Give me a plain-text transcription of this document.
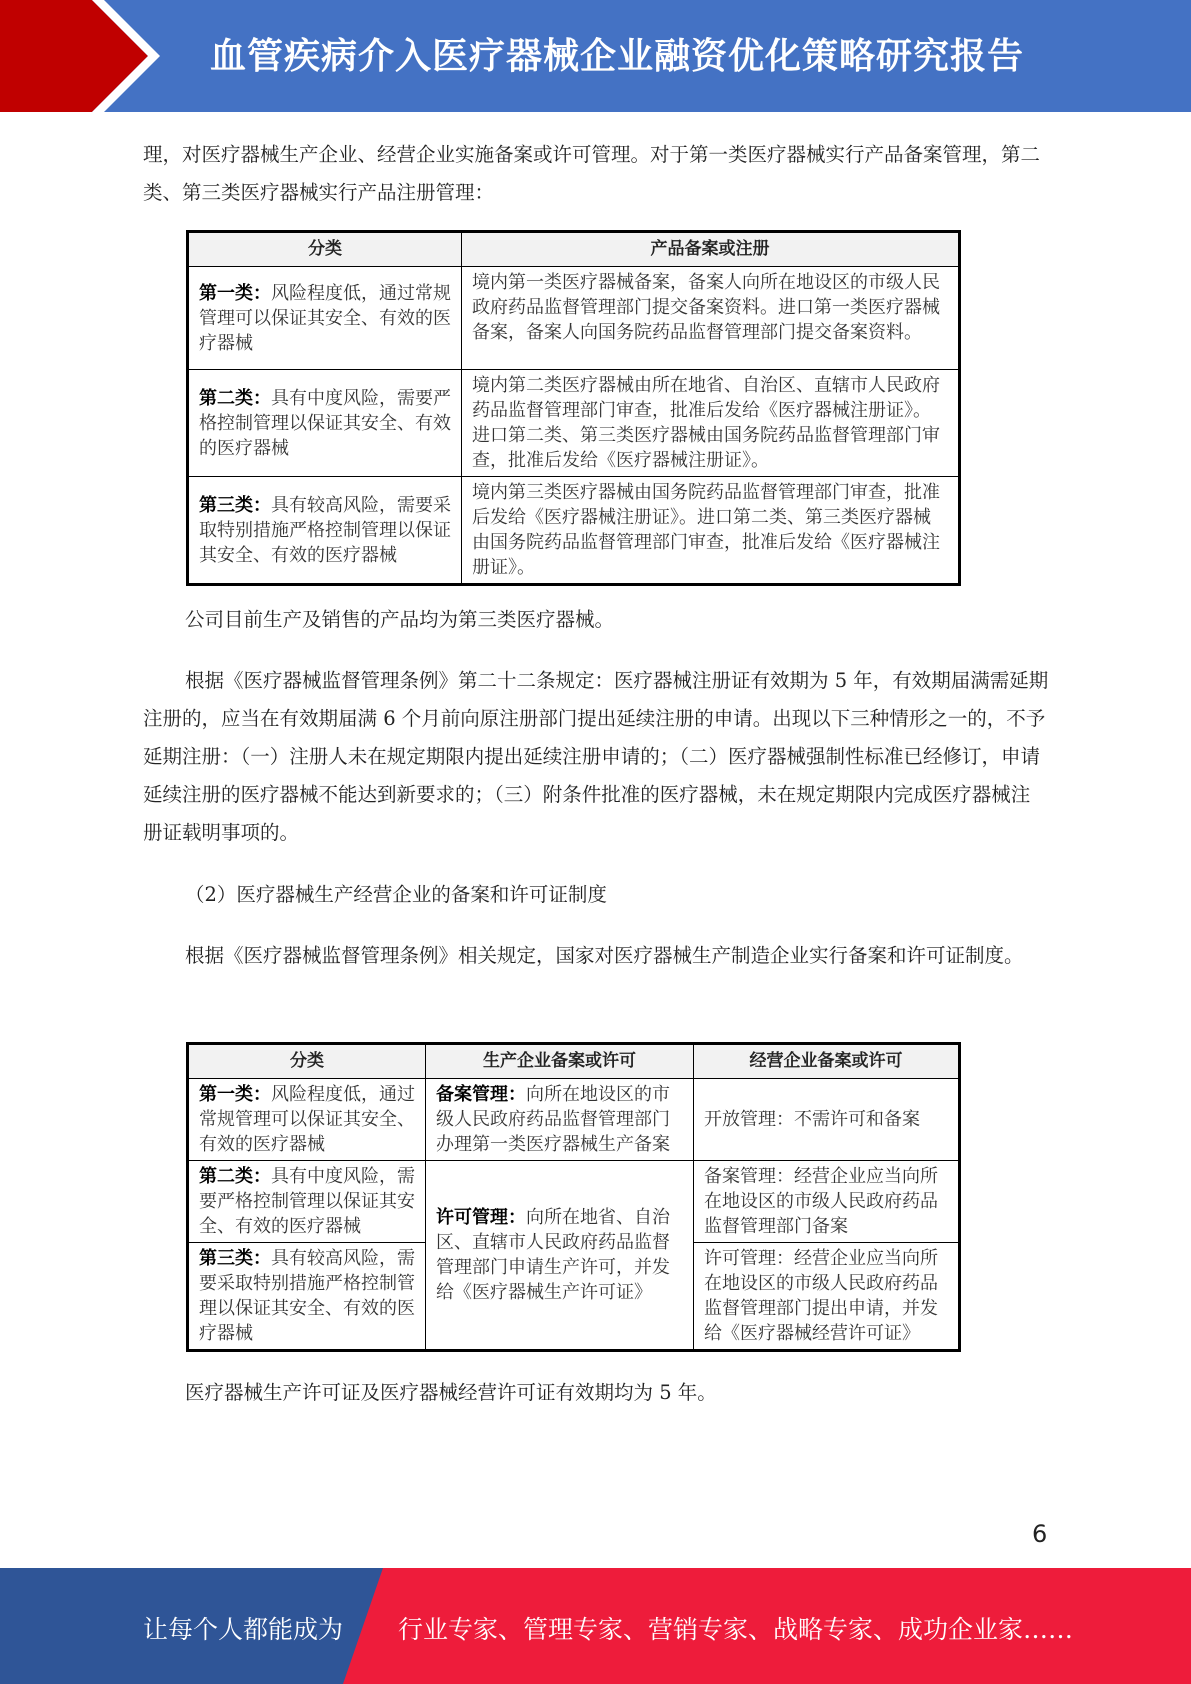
血管疾病介入医疗器械企业融资优化策略研究报告

理，对医疗器械生产企业、经营企业实施备案或许可管理。对于第一类医疗器械实行产品备案管理，第二类、第三类医疗器械实行产品注册管理：

分类	产品备案或注册
第一类：风险程度低，通过常规管理可以保证其安全、有效的医疗器械	境内第一类医疗器械备案，备案人向所在地设区的市级人民政府药品监督管理部门提交备案资料。进口第一类医疗器械备案，备案人向国务院药品监督管理部门提交备案资料。
第二类：具有中度风险，需要严格控制管理以保证其安全、有效的医疗器械	境内第二类医疗器械由所在地省、自治区、直辖市人民政府药品监督管理部门审查，批准后发给《医疗器械注册证》。进口第二类、第三类医疗器械由国务院药品监督管理部门审查，批准后发给《医疗器械注册证》。
第三类：具有较高风险，需要采取特别措施严格控制管理以保证其安全、有效的医疗器械	境内第三类医疗器械由国务院药品监督管理部门审查，批准后发给《医疗器械注册证》。进口第二类、第三类医疗器械由国务院药品监督管理部门审查，批准后发给《医疗器械注册证》。

公司目前生产及销售的产品均为第三类医疗器械。

根据《医疗器械监督管理条例》第二十二条规定：医疗器械注册证有效期为 5 年，有效期届满需延期注册的，应当在有效期届满 6 个月前向原注册部门提出延续注册的申请。出现以下三种情形之一的，不予延期注册：（一）注册人未在规定期限内提出延续注册申请的；（二）医疗器械强制性标准已经修订，申请延续注册的医疗器械不能达到新要求的；（三）附条件批准的医疗器械，未在规定期限内完成医疗器械注册证载明事项的。

（2）医疗器械生产经营企业的备案和许可证制度

根据《医疗器械监督管理条例》相关规定，国家对医疗器械生产制造企业实行备案和许可证制度。

分类	生产企业备案或许可	经营企业备案或许可
第一类：风险程度低，通过常规管理可以保证其安全、有效的医疗器械	备案管理：向所在地设区的市级人民政府药品监督管理部门办理第一类医疗器械生产备案	开放管理：不需许可和备案
第二类：具有中度风险，需要严格控制管理以保证其安全、有效的医疗器械	许可管理：向所在地省、自治区、直辖市人民政府药品监督管理部门申请生产许可，并发给《医疗器械生产许可证》	备案管理：经营企业应当向所在地设区的市级人民政府药品监督管理部门备案
第三类：具有较高风险，需要采取特别措施严格控制管理以保证其安全、有效的医疗器械		许可管理：经营企业应当向所在地设区的市级人民政府药品监督管理部门提出申请，并发给《医疗器械经营许可证》

医疗器械生产许可证及医疗器械经营许可证有效期均为 5 年。

6
让每个人都能成为 行业专家、管理专家、营销专家、战略专家、成功企业家……
